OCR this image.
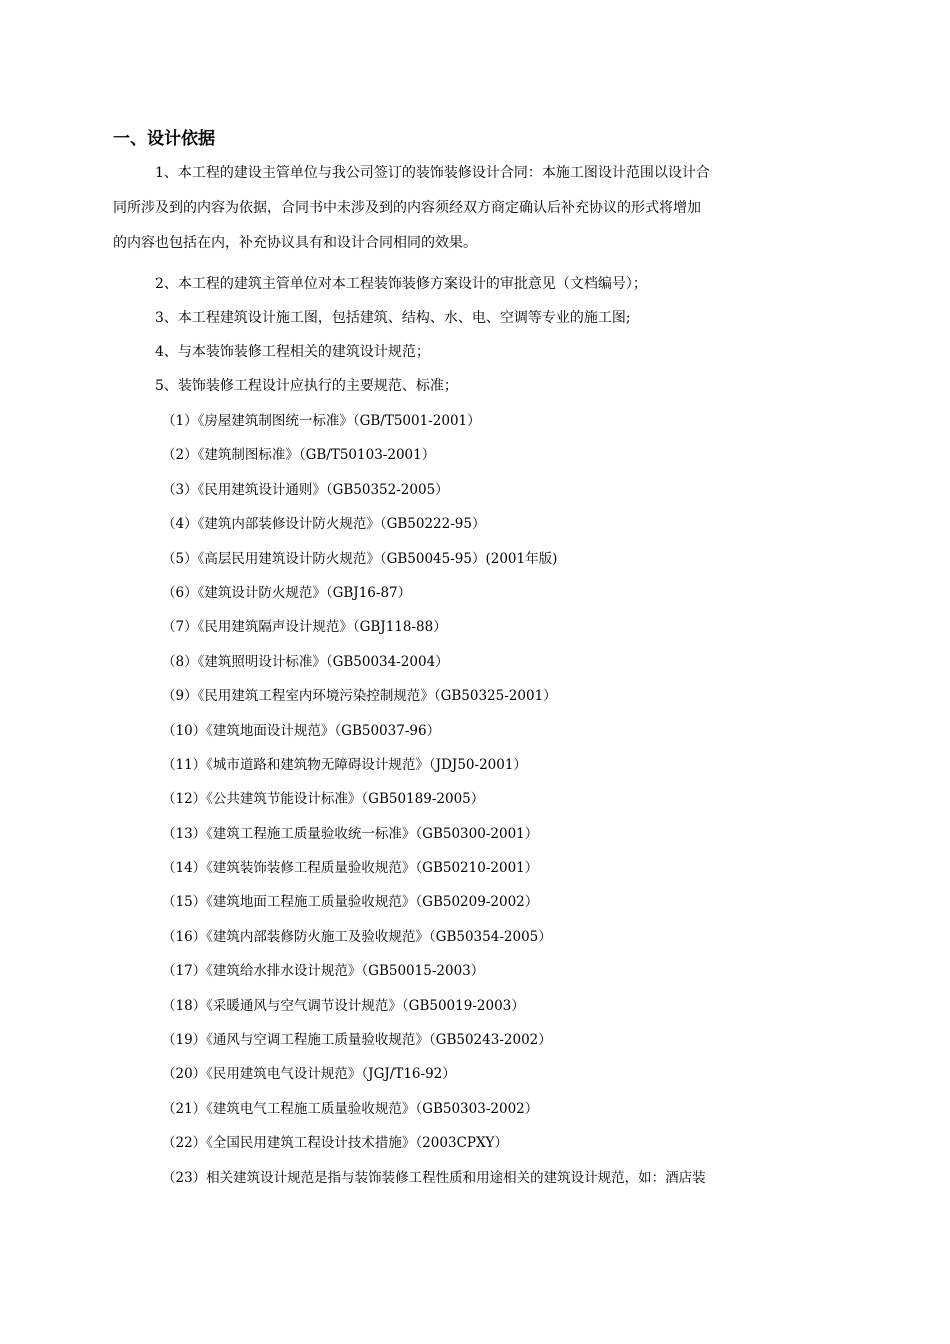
一、设计依据
1、本工程的建设主管单位与我公司签订的装饰装修设计合同：本施工图设计范围以设计合
同所涉及到的内容为依据，合同书中未涉及到的内容须经双方商定确认后补充协议的形式将增加
的内容也包括在内，补充协议具有和设计合同相同的效果。
2、本工程的建筑主管单位对本工程装饰装修方案设计的审批意见（文档编号）；
3、本工程建筑设计施工图，包括建筑、结构、水、电、空调等专业的施工图;
4、与本装饰装修工程相关的建筑设计规范；
5、装饰装修工程设计应执行的主要规范、标准；
（1）《房屋建筑制图统一标准》（GB/T5001-2001）
（2）《建筑制图标准》（GB/T50103-2001）
（3）《民用建筑设计通则》（GB50352-2005）
（4）《建筑内部装修设计防火规范》（GB50222-95）
（5）《高层民用建筑设计防火规范》（GB50045-95）(2001年版)
（6）《建筑设计防火规范》（GBJ16-87）
（7）《民用建筑隔声设计规范》（GBJ118-88）
（8）《建筑照明设计标准》（GB50034-2004）
（9）《民用建筑工程室内环境污染控制规范》（GB50325-2001）
（10）《建筑地面设计规范》（GB50037-96）
（11）《城市道路和建筑物无障碍设计规范》（JDJ50-2001）
（12）《公共建筑节能设计标准》（GB50189-2005）
（13）《建筑工程施工质量验收统一标准》（GB50300-2001）
（14）《建筑装饰装修工程质量验收规范》（GB50210-2001）
（15）《建筑地面工程施工质量验收规范》（GB50209-2002）
（16）《建筑内部装修防火施工及验收规范》（GB50354-2005）
（17）《建筑给水排水设计规范》（GB50015-2003）
（18）《采暖通风与空气调节设计规范》（GB50019-2003）
（19）《通风与空调工程施工质量验收规范》（GB50243-2002）
（20）《民用建筑电气设计规范》（JGJ/T16-92）
（21）《建筑电气工程施工质量验收规范》（GB50303-2002）
（22）《全国民用建筑工程设计技术措施》（2003CPXY）
（23）相关建筑设计规范是指与装饰装修工程性质和用途相关的建筑设计规范，如：酒店装
